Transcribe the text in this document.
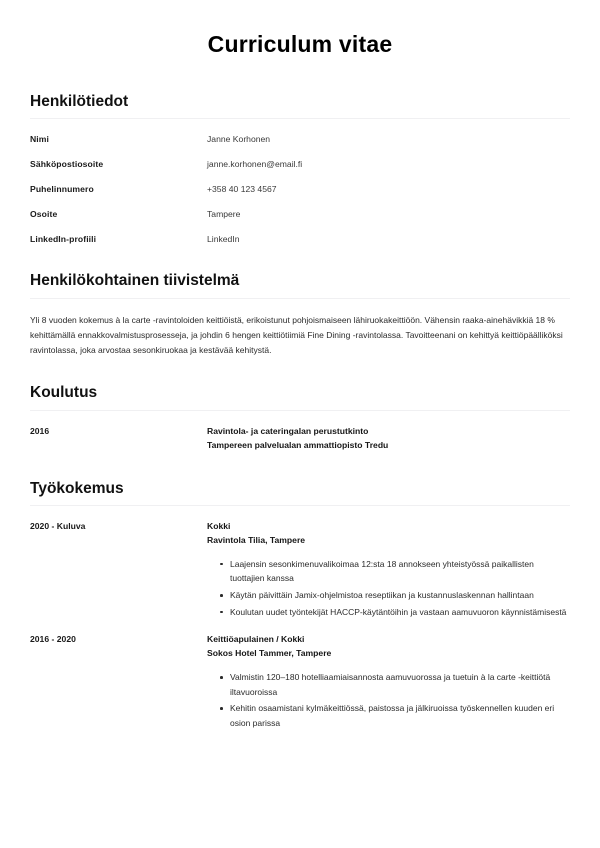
Curriculum vitae
Henkilötiedot
Nimi	Janne Korhonen
Sähköpostiosoite	janne.korhonen@email.fi
Puhelinnumero	+358 40 123 4567
Osoite	Tampere
LinkedIn-profiili	LinkedIn
Henkilökohtainen tiivistelmä

Yli 8 vuoden kokemus à la carte -ravintoloiden keittiöistä, erikoistunut pohjoismaiseen lähiruokakeittiöön. Vähensin raaka-ainehävikkiä 18 % kehittämällä ennakkovalmistusprosesseja, ja johdin 6 hengen keittiötiimiä Fine Dining -ravintolassa. Tavoitteenani on kehittyä keittiöpäälliköksi ravintolassa, joka arvostaa sesonkiruokaa ja kestävää kehitystä.

Koulutus
2016	Ravintola- ja cateringalan perustutkinto
Tampereen palvelualan ammattiopisto Tredu
Työkokemus
2020 - Kuluva	Kokki
Ravintola Tilia, Tampere
Laajensin sesonkimenuvalikoimaa 12:sta 18 annokseen yhteistyössä paikallisten tuottajien kanssa
Käytän päivittäin Jamix-ohjelmistoa reseptiikan ja kustannuslaskennan hallintaan
Koulutan uudet työntekijät HACCP-käytäntöihin ja vastaan aamuvuoron käynnistämisestä
2016 - 2020	Keittiöapulainen / Kokki
Sokos Hotel Tammer, Tampere
Valmistin 120–180 hotelliaamiaisannosta aamuvuorossa ja tuetuin à la carte -keittiötä iltavuoroissa
Kehitin osaamistani kylmäkeittiössä, paistossa ja jälkiruoissa työskennellen kuuden eri osion parissa
